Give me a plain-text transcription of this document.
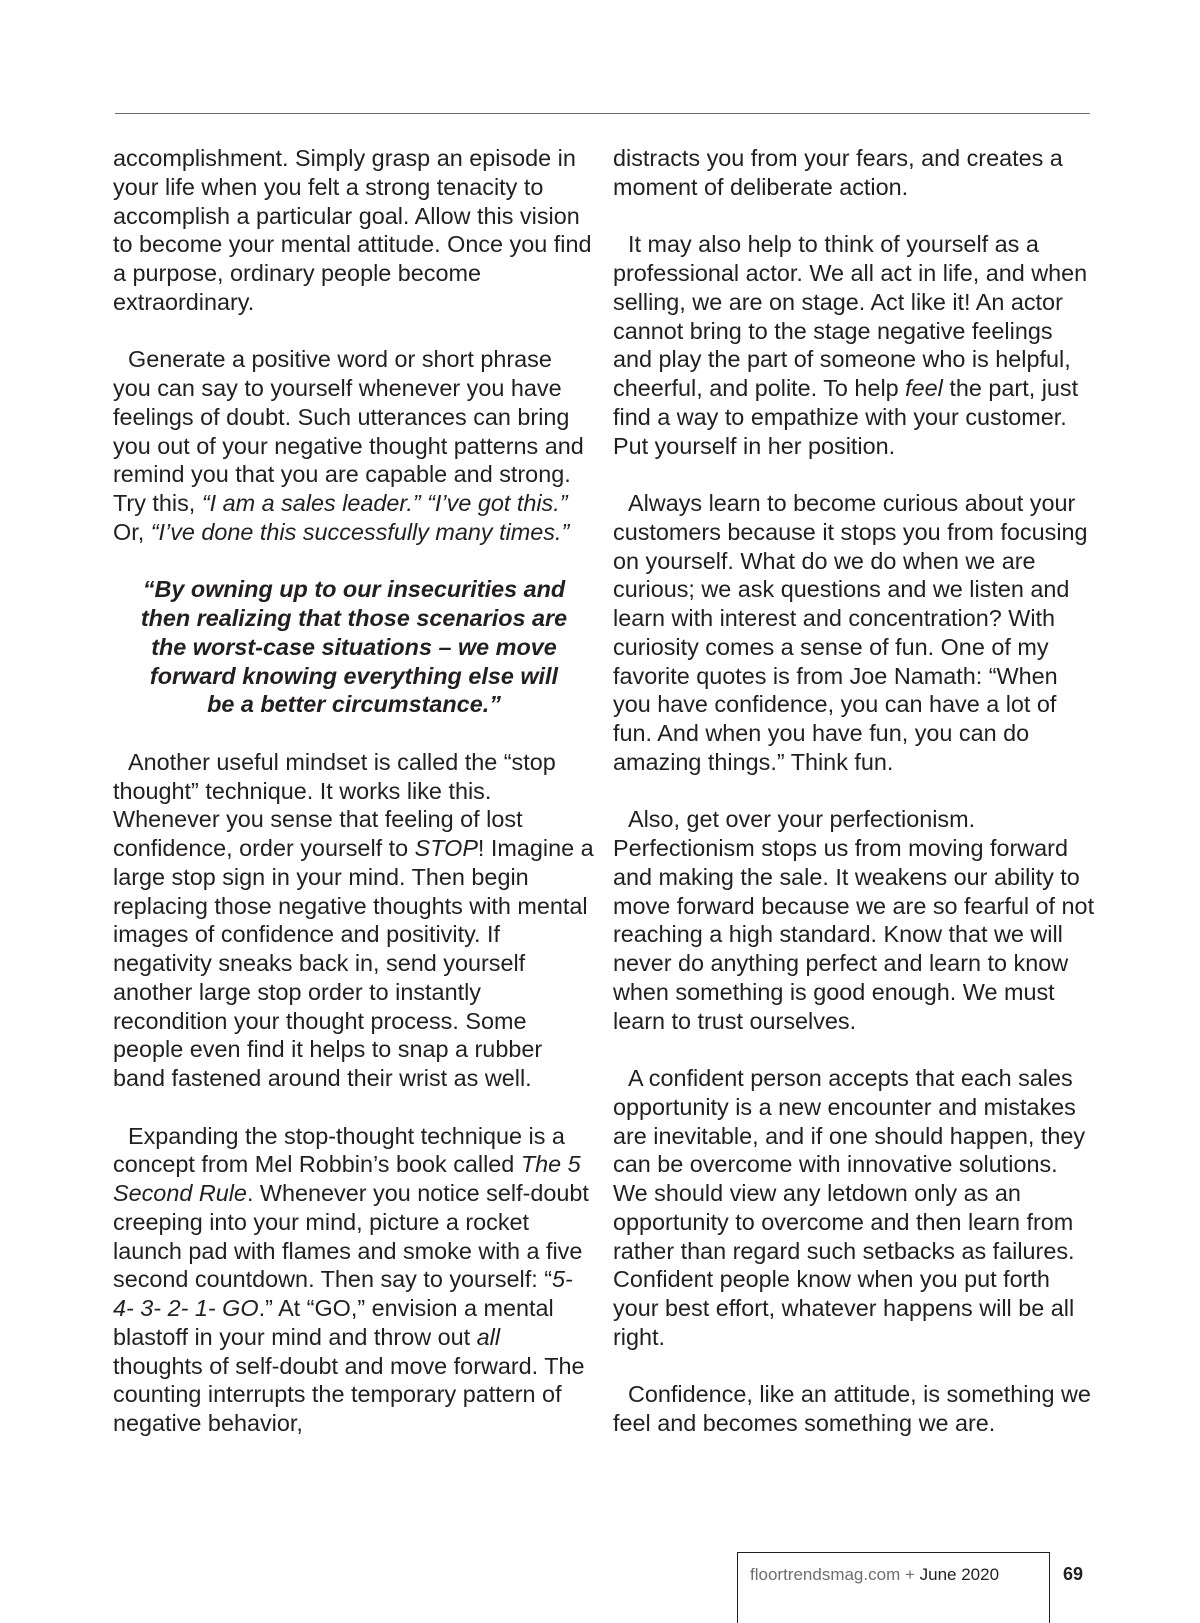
accomplishment. Simply grasp an episode in your life when you felt a strong tenacity to accomplish a particular goal. Allow this vision to become your mental attitude. Once you find a purpose, ordinary people become extraordinary.

Generate a positive word or short phrase you can say to yourself whenever you have feelings of doubt. Such utterances can bring you out of your negative thought patterns and remind you that you are capable and strong. Try this, “I am a sales leader.” “I’ve got this.” Or, “I’ve done this successfully many times.”

“By owning up to our insecurities and
then realizing that those scenarios are
the worst-case situations – we move
forward knowing everything else will
be a better circumstance.”

Another useful mindset is called the “stop thought” technique. It works like this. Whenever you sense that feeling of lost confidence, order yourself to STOP! Imagine a large stop sign in your mind. Then begin replacing those negative thoughts with mental images of confidence and positivity. If negativity sneaks back in, send yourself another large stop order to instantly recondition your thought process. Some people even find it helps to snap a rubber band fastened around their wrist as well.

Expanding the stop-thought technique is a concept from Mel Robbin’s book called The 5 Second Rule. Whenever you notice self-doubt creeping into your mind, picture a rocket launch pad with flames and smoke with a five second countdown. Then say to yourself: “5- 4- 3- 2- 1- GO.” At “GO,” envision a mental blastoff in your mind and throw out all thoughts of self-doubt and move forward. The counting interrupts the temporary pattern of negative behavior,

distracts you from your fears, and creates a moment of deliberate action.

It may also help to think of yourself as a professional actor. We all act in life, and when selling, we are on stage. Act like it! An actor cannot bring to the stage negative feelings and play the part of someone who is helpful, cheerful, and polite. To help feel the part, just find a way to empathize with your customer. Put yourself in her position.

Always learn to become curious about your customers because it stops you from focusing on yourself. What do we do when we are curious; we ask questions and we listen and learn with interest and concentration? With curiosity comes a sense of fun. One of my favorite quotes is from Joe Namath: “When you have confidence, you can have a lot of fun. And when you have fun, you can do amazing things.” Think fun.

Also, get over your perfectionism. Perfectionism stops us from moving forward and making the sale. It weakens our ability to move forward because we are so fearful of not reaching a high standard. Know that we will never do anything perfect and learn to know when something is good enough. We must learn to trust ourselves.

A confident person accepts that each sales opportunity is a new encounter and mistakes are inevitable, and if one should happen, they can be overcome with innovative solutions. We should view any letdown only as an opportunity to overcome and then learn from rather than regard such setbacks as failures. Confident people know when you put forth your best effort, whatever happens will be all right.

Confidence, like an attitude, is something we feel and becomes something we are.

floortrendsmag.com + June 2020	69
